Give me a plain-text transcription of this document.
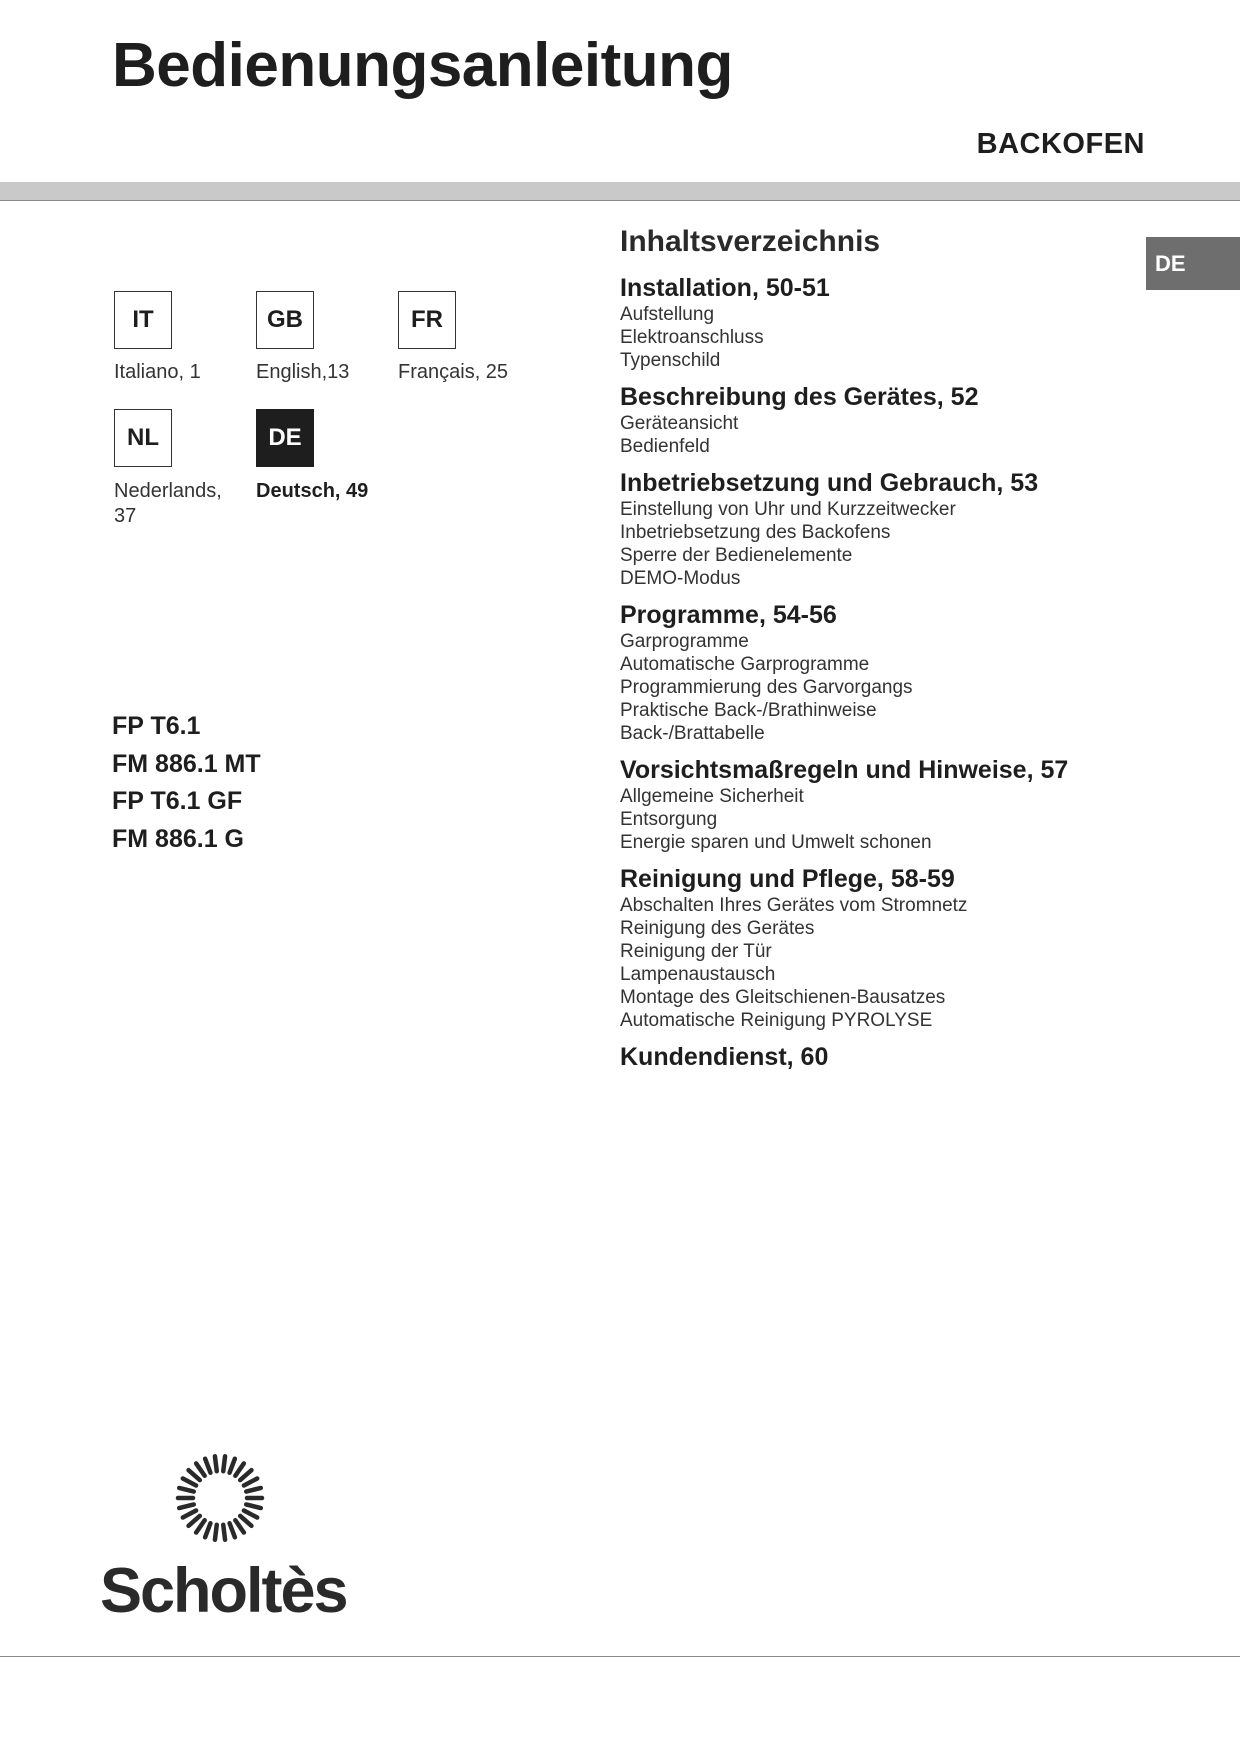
Bedienungsanleitung
BACKOFEN
DE
IT
Italiano, 1
GB
English,13
FR
Français, 25
NL
Nederlands,
37
DE
Deutsch, 49
FP T6.1
FM 886.1 MT
FP T6.1 GF
FM 886.1 G
Inhaltsverzeichnis
Installation, 50-51
Aufstellung
Elektroanschluss
Typenschild
Beschreibung des Gerätes, 52
Geräteansicht
Bedienfeld
Inbetriebsetzung und Gebrauch, 53
Einstellung von Uhr und Kurzzeitwecker
Inbetriebsetzung des Backofens
Sperre der Bedienelemente
DEMO-Modus
Programme, 54-56
Garprogramme
Automatische Garprogramme
Programmierung des Garvorgangs
Praktische Back-/Brathinweise
Back-/Brattabelle
Vorsichtsmaßregeln und Hinweise, 57
Allgemeine Sicherheit
Entsorgung
Energie sparen und Umwelt schonen
Reinigung und Pflege, 58-59
Abschalten Ihres Gerätes vom Stromnetz
Reinigung des Gerätes
Reinigung der Tür
Lampenaustausch
Montage des Gleitschienen-Bausatzes
Automatische Reinigung PYROLYSE
Kundendienst, 60
Scholtès
